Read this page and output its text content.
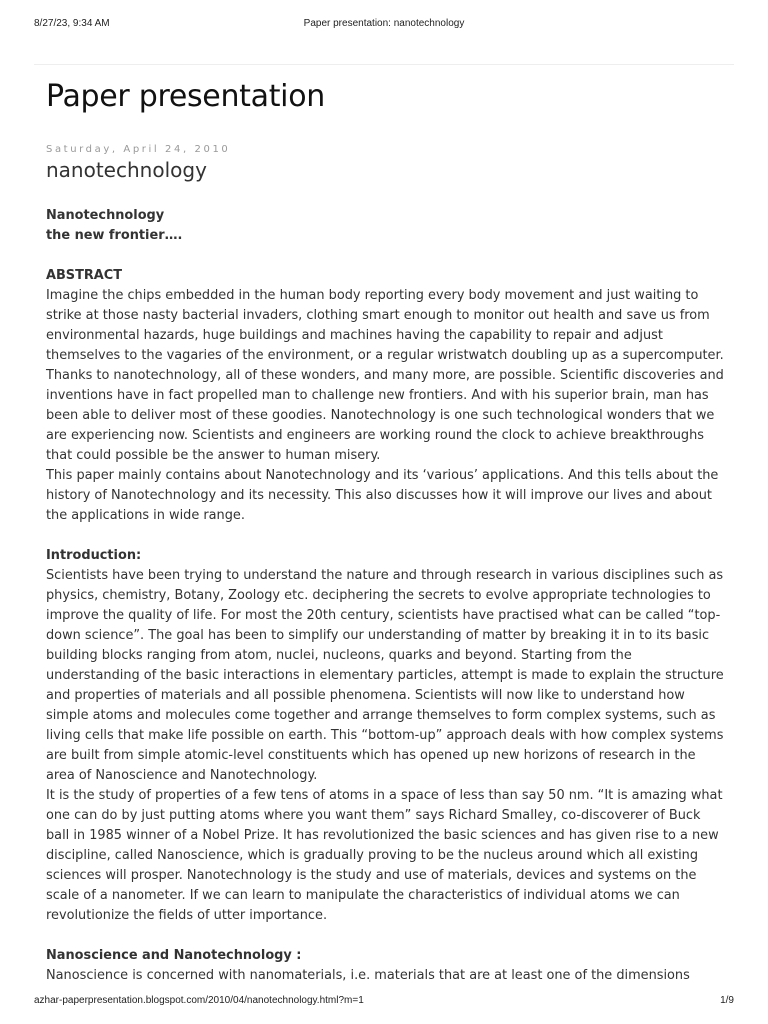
8/27/23, 9:34 AM	Paper presentation: nanotechnology
Paper presentation
Saturday, April 24, 2010
nanotechnology

Nanotechnology

the new frontier….

ABSTRACT

Imagine the chips embedded in the human body reporting every body movement and just waiting to strike at those nasty bacterial invaders, clothing smart enough to monitor out health and save us from environmental hazards, huge buildings and machines having the capability to repair and adjust themselves to the vagaries of the environment, or a regular wristwatch doubling up as a supercomputer. Thanks to nanotechnology, all of these wonders, and many more, are possible. Scientific discoveries and inventions have in fact propelled man to challenge new frontiers. And with his superior brain, man has been able to deliver most of these goodies. Nanotechnology is one such technological wonders that we are experiencing now. Scientists and engineers are working round the clock to achieve breakthroughs that could possible be the answer to human misery.

This paper mainly contains about Nanotechnology and its ‘various’ applications. And this tells about the history of Nanotechnology and its necessity. This also discusses how it will improve our lives and about the applications in wide range.

Introduction:

Scientists have been trying to understand the nature and through research in various disciplines such as physics, chemistry, Botany, Zoology etc. deciphering the secrets to evolve appropriate technologies to improve the quality of life. For most the 20th century, scientists have practised what can be called “top-down science”. The goal has been to simplify our understanding of matter by breaking it in to its basic building blocks ranging from atom, nuclei, nucleons, quarks and beyond. Starting from the understanding of the basic interactions in elementary particles, attempt is made to explain the structure and properties of materials and all possible phenomena. Scientists will now like to understand how simple atoms and molecules come together and arrange themselves to form complex systems, such as living cells that make life possible on earth. This “bottom-up” approach deals with how complex systems are built from simple atomic-level constituents which has opened up new horizons of research in the area of Nanoscience and Nanotechnology.

It is the study of properties of a few tens of atoms in a space of less than say 50 nm. “It is amazing what one can do by just putting atoms where you want them” says Richard Smalley, co-discoverer of Buck ball in 1985 winner of a Nobel Prize. It has revolutionized the basic sciences and has given rise to a new discipline, called Nanoscience, which is gradually proving to be the nucleus around which all existing sciences will prosper. Nanotechnology is the study and use of materials, devices and systems on the scale of a nanometer. If we can learn to manipulate the characteristics of individual atoms we can revolutionize the fields of utter importance.

Nanoscience and Nanotechnology :

Nanoscience is concerned with nanomaterials, i.e. materials that are at least one of the dimensions

azhar-paperpresentation.blogspot.com/2010/04/nanotechnology.html?m=1	1/9
